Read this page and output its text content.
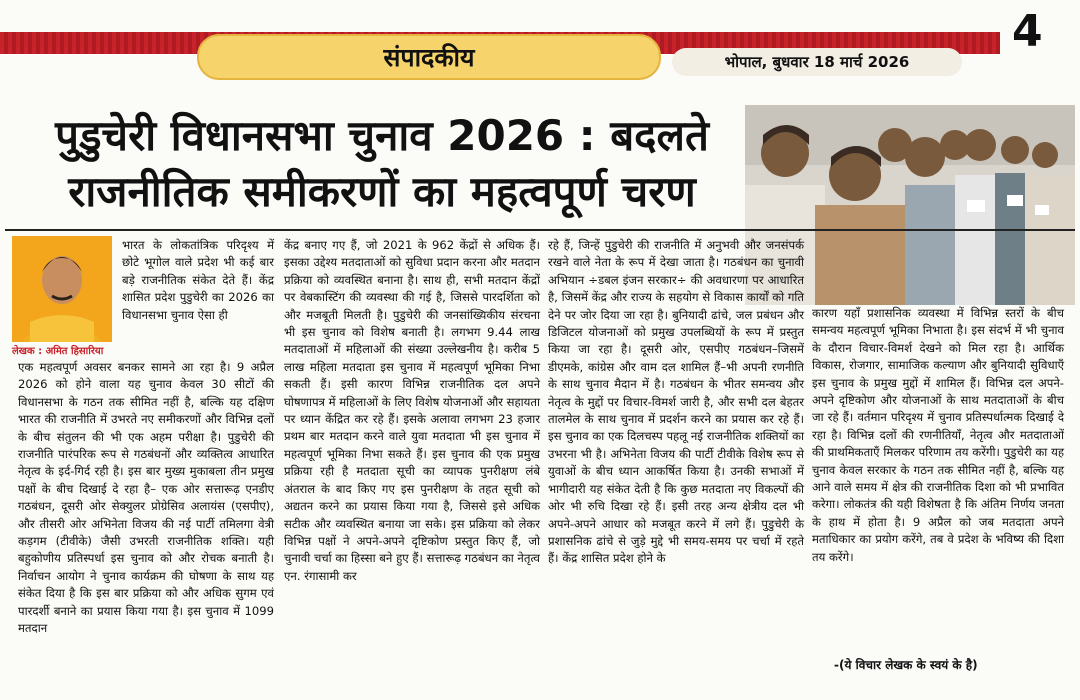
संपादकीय	भोपाल, बुधवार 18 मार्च 2026
4
पुडुचेरी विधानसभा चुनाव 2026 : बदलते
राजनीतिक समीकरणों का महत्वपूर्ण चरण
लेखक : अमित हिसारिया

भारत के लोकतांत्रिक परिदृश्य में छोटे भूगोल वाले प्रदेश भी कई बार बड़े राजनीतिक संकेत देते हैं। केंद्र शासित प्रदेश पुडुचेरी का 2026 का विधानसभा चुनाव ऐसा ही

एक महत्वपूर्ण अवसर बनकर सामने आ रहा है। 9 अप्रैल 2026 को होने वाला यह चुनाव केवल 30 सीटों की विधानसभा के गठन तक सीमित नहीं है, बल्कि यह दक्षिण भारत की राजनीति में उभरते नए समीकरणों और विभिन्न दलों के बीच संतुलन की भी एक अहम परीक्षा है। पुडुचेरी की राजनीति पारंपरिक रूप से गठबंधनों और व्यक्तित्व आधारित नेतृत्व के इर्द-गिर्द रही है। इस बार मुख्य मुकाबला तीन प्रमुख पक्षों के बीच दिखाई दे रहा है– एक ओर सत्तारूढ़ एनडीए गठबंधन, दूसरी ओर सेक्युलर प्रोग्रेसिव अलायंस (एसपीए), और तीसरी ओर अभिनेता विजय की नई पार्टी तमिलगा वेत्री कड़गम (टीवीके) जैसी उभरती राजनीतिक शक्ति। यही बहुकोणीय प्रतिस्पर्धा इस चुनाव को और रोचक बनाती है। निर्वाचन आयोग ने चुनाव कार्यक्रम की घोषणा के साथ यह संकेत दिया है कि इस बार प्रक्रिया को और अधिक सुगम एवं पारदर्शी बनाने का प्रयास किया गया है। इस चुनाव में 1099 मतदान

केंद्र बनाए गए हैं, जो 2021 के 962 केंद्रों से अधिक हैं। इसका उद्देश्य मतदाताओं को सुविधा प्रदान करना और मतदान प्रक्रिया को व्यवस्थित बनाना है। साथ ही, सभी मतदान केंद्रों पर वेबकास्टिंग की व्यवस्था की गई है, जिससे पारदर्शिता को और मजबूती मिलती है। पुडुचेरी की जनसांख्यिकीय संरचना भी इस चुनाव को विशेष बनाती है। लगभग 9.44 लाख मतदाताओं में महिलाओं की संख्या उल्लेखनीय है। करीब 5 लाख महिला मतदाता इस चुनाव में महत्वपूर्ण भूमिका निभा सकती हैं। इसी कारण विभिन्न राजनीतिक दल अपने घोषणापत्र में महिलाओं के लिए विशेष योजनाओं और सहायता पर ध्यान केंद्रित कर रहे हैं। इसके अलावा लगभग 23 हजार प्रथम बार मतदान करने वाले युवा मतदाता भी इस चुनाव में महत्वपूर्ण भूमिका निभा सकते हैं। इस चुनाव की एक प्रमुख प्रक्रिया रही है मतदाता सूची का व्यापक पुनरीक्षण लंबे अंतराल के बाद किए गए इस पुनरीक्षण के तहत सूची को अद्यतन करने का प्रयास किया गया है, जिससे इसे अधिक सटीक और व्यवस्थित बनाया जा सके। इस प्रक्रिया को लेकर विभिन्न पक्षों ने अपने-अपने दृष्टिकोण प्रस्तुत किए हैं, जो चुनावी चर्चा का हिस्सा बने हुए हैं। सत्तारूढ़ गठबंधन का नेतृत्व एन. रंगासामी कर

रहे हैं, जिन्हें पुडुचेरी की राजनीति में अनुभवी और जनसंपर्क रखने वाले नेता के रूप में देखा जाता है। गठबंधन का चुनावी अभियान ÷डबल इंजन सरकार÷ की अवधारणा पर आधारित है, जिसमें केंद्र और राज्य के सहयोग से विकास कार्यों को गति देने पर जोर दिया जा रहा है। बुनियादी ढांचे, जल प्रबंधन और डिजिटल योजनाओं को प्रमुख उपलब्धियों के रूप में प्रस्तुत किया जा रहा है। दूसरी ओर, एसपीए गठबंधन–जिसमें डीएमके, कांग्रेस और वाम दल शामिल हैं–भी अपनी रणनीति के साथ चुनाव मैदान में है। गठबंधन के भीतर समन्वय और नेतृत्व के मुद्दों पर विचार-विमर्श जारी है, और सभी दल बेहतर तालमेल के साथ चुनाव में प्रदर्शन करने का प्रयास कर रहे हैं। इस चुनाव का एक दिलचस्प पहलू नई राजनीतिक शक्तियों का उभरना भी है। अभिनेता विजय की पार्टी टीवीके विशेष रूप से युवाओं के बीच ध्यान आकर्षित किया है। उनकी सभाओं में भागीदारी यह संकेत देती है कि कुछ मतदाता नए विकल्पों की ओर भी रुचि दिखा रहे हैं। इसी तरह अन्य क्षेत्रीय दल भी अपने-अपने आधार को मजबूत करने में लगे हैं। पुडुचेरी के प्रशासनिक ढांचे से जुड़े मुद्दे भी समय-समय पर चर्चा में रहते हैं। केंद्र शासित प्रदेश होने के

कारण यहाँ प्रशासनिक व्यवस्था में विभिन्न स्तरों के बीच समन्वय महत्वपूर्ण भूमिका निभाता है। इस संदर्भ में भी चुनाव के दौरान विचार-विमर्श देखने को मिल रहा है। आर्थिक विकास, रोजगार, सामाजिक कल्याण और बुनियादी सुविधाएँ इस चुनाव के प्रमुख मुद्दों में शामिल हैं। विभिन्न दल अपने-अपने दृष्टिकोण और योजनाओं के साथ मतदाताओं के बीच जा रहे हैं। वर्तमान परिदृश्य में चुनाव प्रतिस्पर्धात्मक दिखाई दे रहा है। विभिन्न दलों की रणनीतियाँ, नेतृत्व और मतदाताओं की प्राथमिकताएँ मिलकर परिणाम तय करेंगी। पुडुचेरी का यह चुनाव केवल सरकार के गठन तक सीमित नहीं है, बल्कि यह आने वाले समय में क्षेत्र की राजनीतिक दिशा को भी प्रभावित करेगा। लोकतंत्र की यही विशेषता है कि अंतिम निर्णय जनता के हाथ में होता है। 9 अप्रैल को जब मतदाता अपने मताधिकार का प्रयोग करेंगे, तब वे प्रदेश के भविष्य की दिशा तय करेंगे।

-(ये विचार लेखक के स्वयं के है)
